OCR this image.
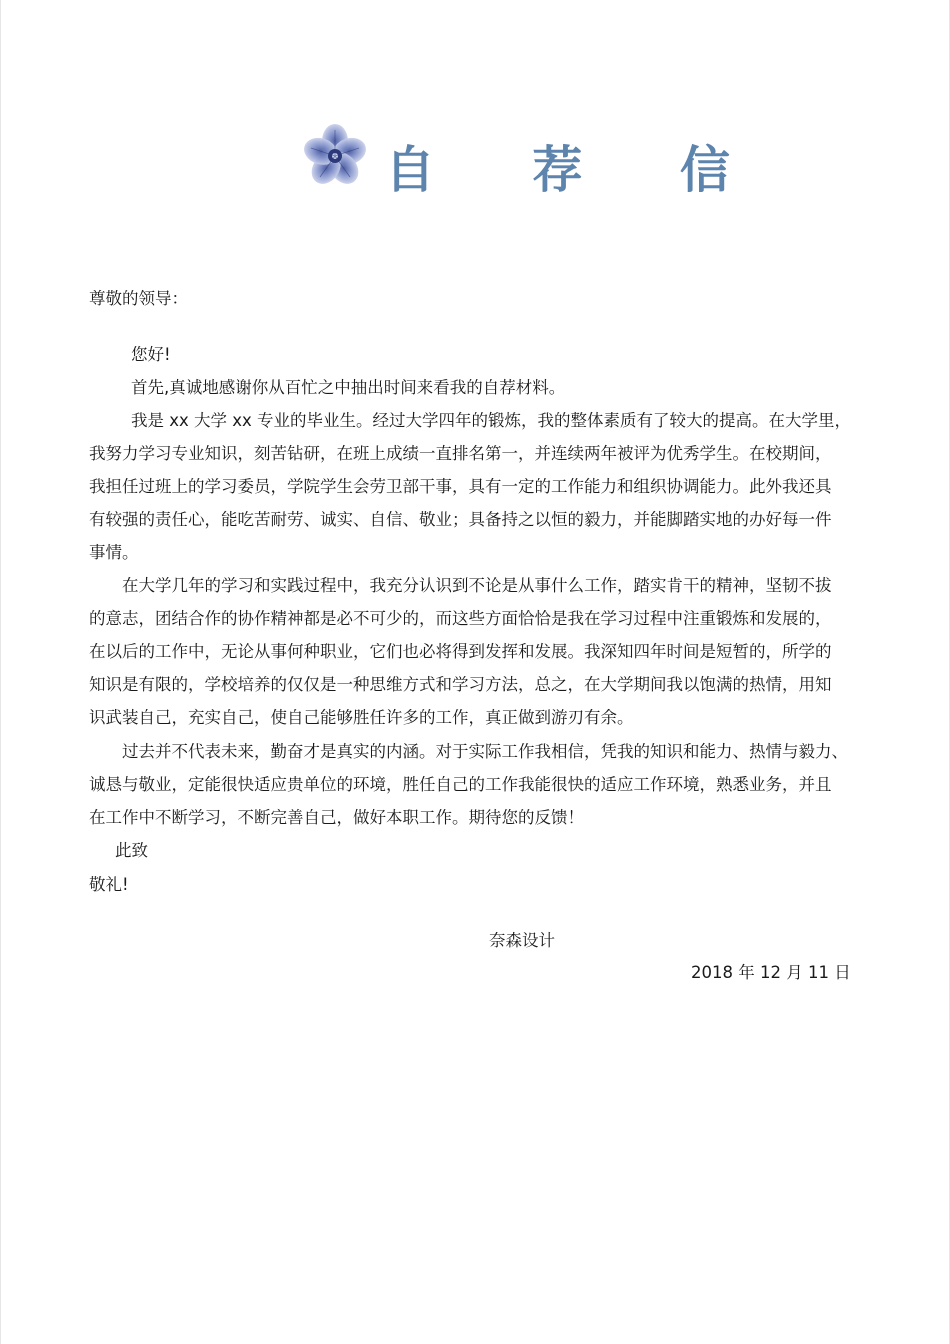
自 荐 信

尊敬的领导：

您好!

首先,真诚地感谢你从百忙之中抽出时间来看我的自荐材料。

我是 xx 大学 xx 专业的毕业生。经过大学四年的锻炼，我的整体素质有了较大的提高。在大学里，
我努力学习专业知识，刻苦钻研，在班上成绩一直排名第一，并连续两年被评为优秀学生。在校期间，
我担任过班上的学习委员，学院学生会劳卫部干事，具有一定的工作能力和组织协调能力。此外我还具
有较强的责任心，能吃苦耐劳、诚实、自信、敬业；具备持之以恒的毅力，并能脚踏实地的办好每一件
事情。
在大学几年的学习和实践过程中，我充分认识到不论是从事什么工作，踏实肯干的精神，坚韧不拔
的意志，团结合作的协作精神都是必不可少的，而这些方面恰恰是我在学习过程中注重锻炼和发展的，
在以后的工作中，无论从事何种职业，它们也必将得到发挥和发展。我深知四年时间是短暂的，所学的
知识是有限的，学校培养的仅仅是一种思维方式和学习方法，总之，在大学期间我以饱满的热情，用知
识武装自己，充实自己，使自己能够胜任许多的工作，真正做到游刃有余。
过去并不代表未来，勤奋才是真实的内涵。对于实际工作我相信，凭我的知识和能力、热情与毅力、
诚恳与敬业，定能很快适应贵单位的环境，胜任自己的工作我能很快的适应工作环境，熟悉业务，并且
在工作中不断学习，不断完善自己，做好本职工作。期待您的反馈！

此致

敬礼!

奈森设计
2018 年 12 月 11 日
